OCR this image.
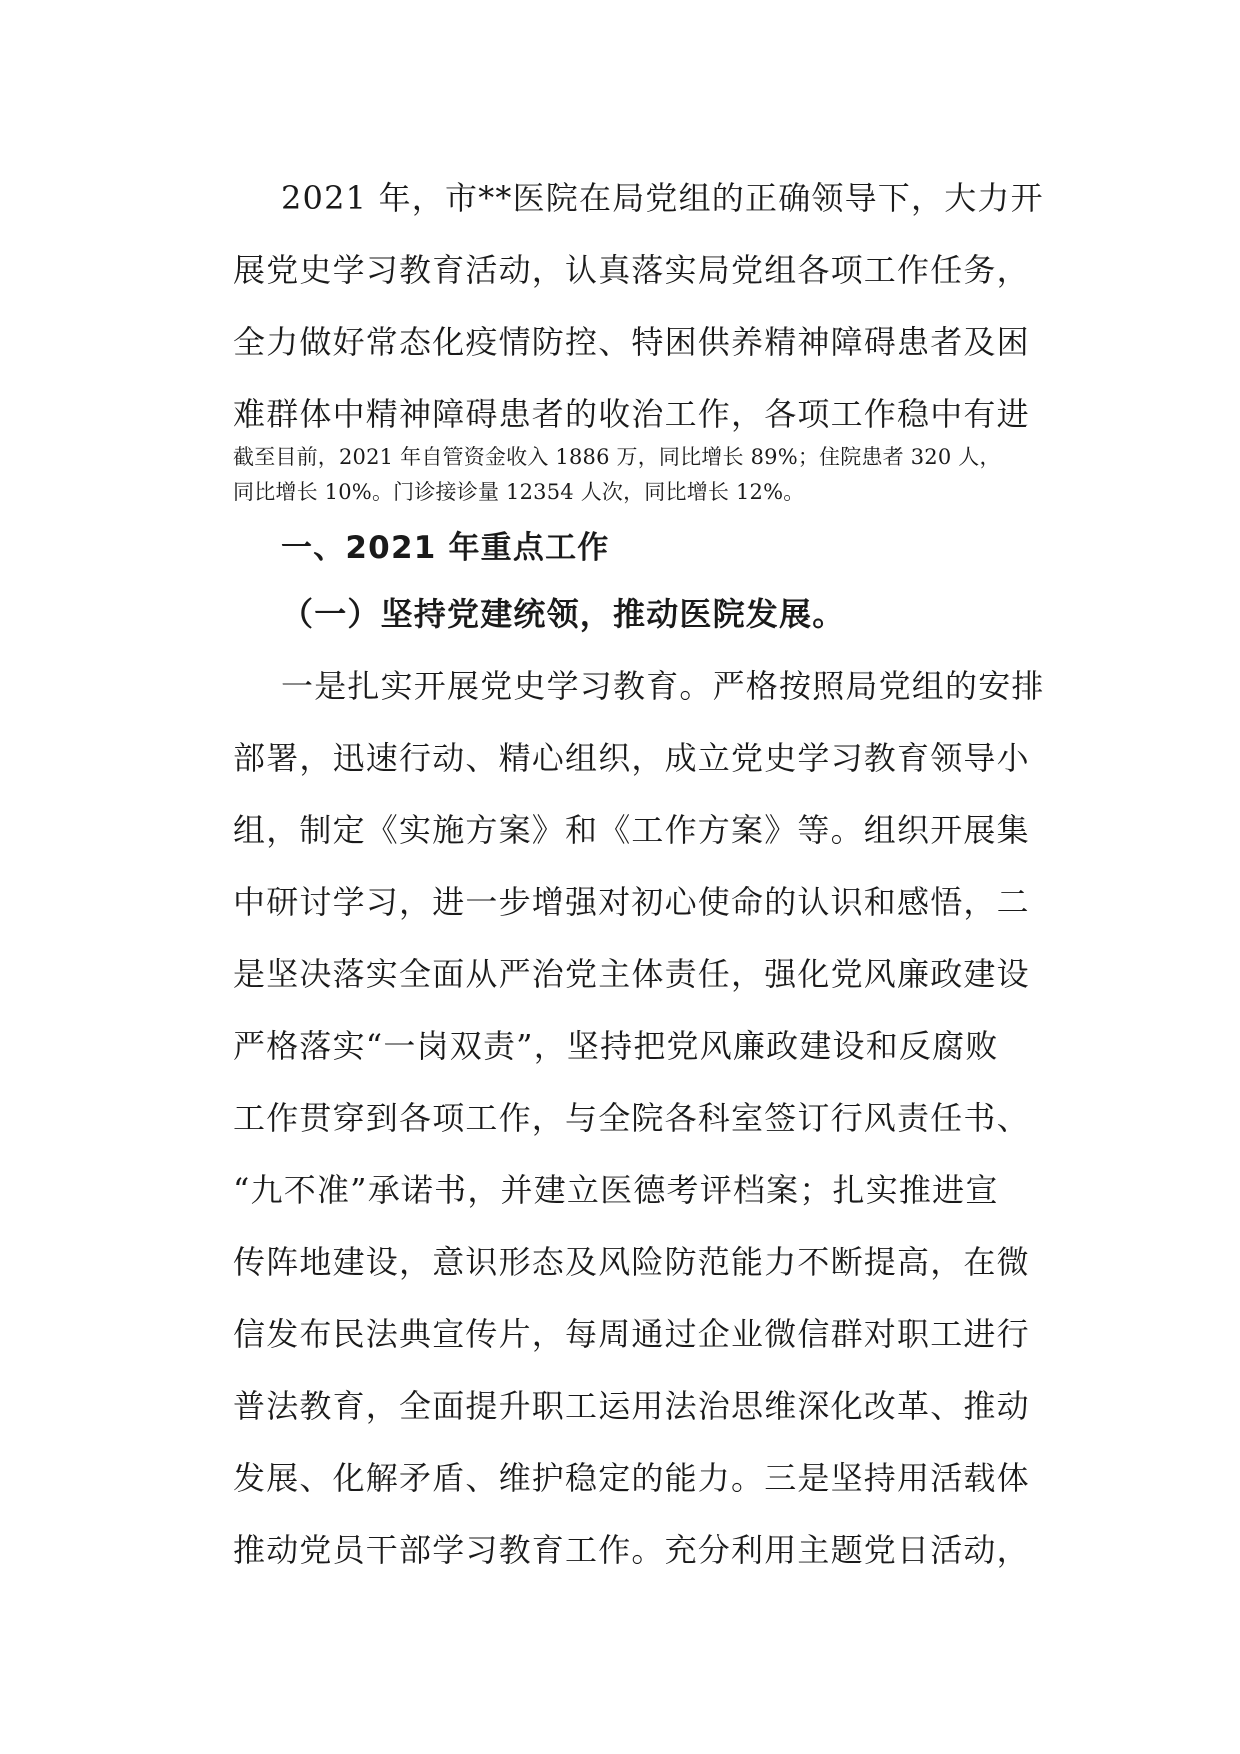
2021 年，市**医院在局党组的正确领导下，大力开
展党史学习教育活动，认真落实局党组各项工作任务，
全力做好常态化疫情防控、特困供养精神障碍患者及困
难群体中精神障碍患者的收治工作，各项工作稳中有进
截至目前，2021 年自管资金收入 1886 万，同比增长 89%；住院患者 320 人，
同比增长 10%。门诊接诊量 12354 人次，同比增长 12%。
一、2021 年重点工作
（一）坚持党建统领，推动医院发展。
一是扎实开展党史学习教育。严格按照局党组的安排
部署，迅速行动、精心组织，成立党史学习教育领导小
组，制定《实施方案》和《工作方案》等。组织开展集
中研讨学习，进一步增强对初心使命的认识和感悟，二
是坚决落实全面从严治党主体责任，强化党风廉政建设
严格落实“一岗双责”，坚持把党风廉政建设和反腐败
工作贯穿到各项工作，与全院各科室签订行风责任书、
“九不准”承诺书，并建立医德考评档案；扎实推进宣
传阵地建设，意识形态及风险防范能力不断提高，在微
信发布民法典宣传片，每周通过企业微信群对职工进行
普法教育，全面提升职工运用法治思维深化改革、推动
发展、化解矛盾、维护稳定的能力。三是坚持用活载体
推动党员干部学习教育工作。充分利用主题党日活动，
